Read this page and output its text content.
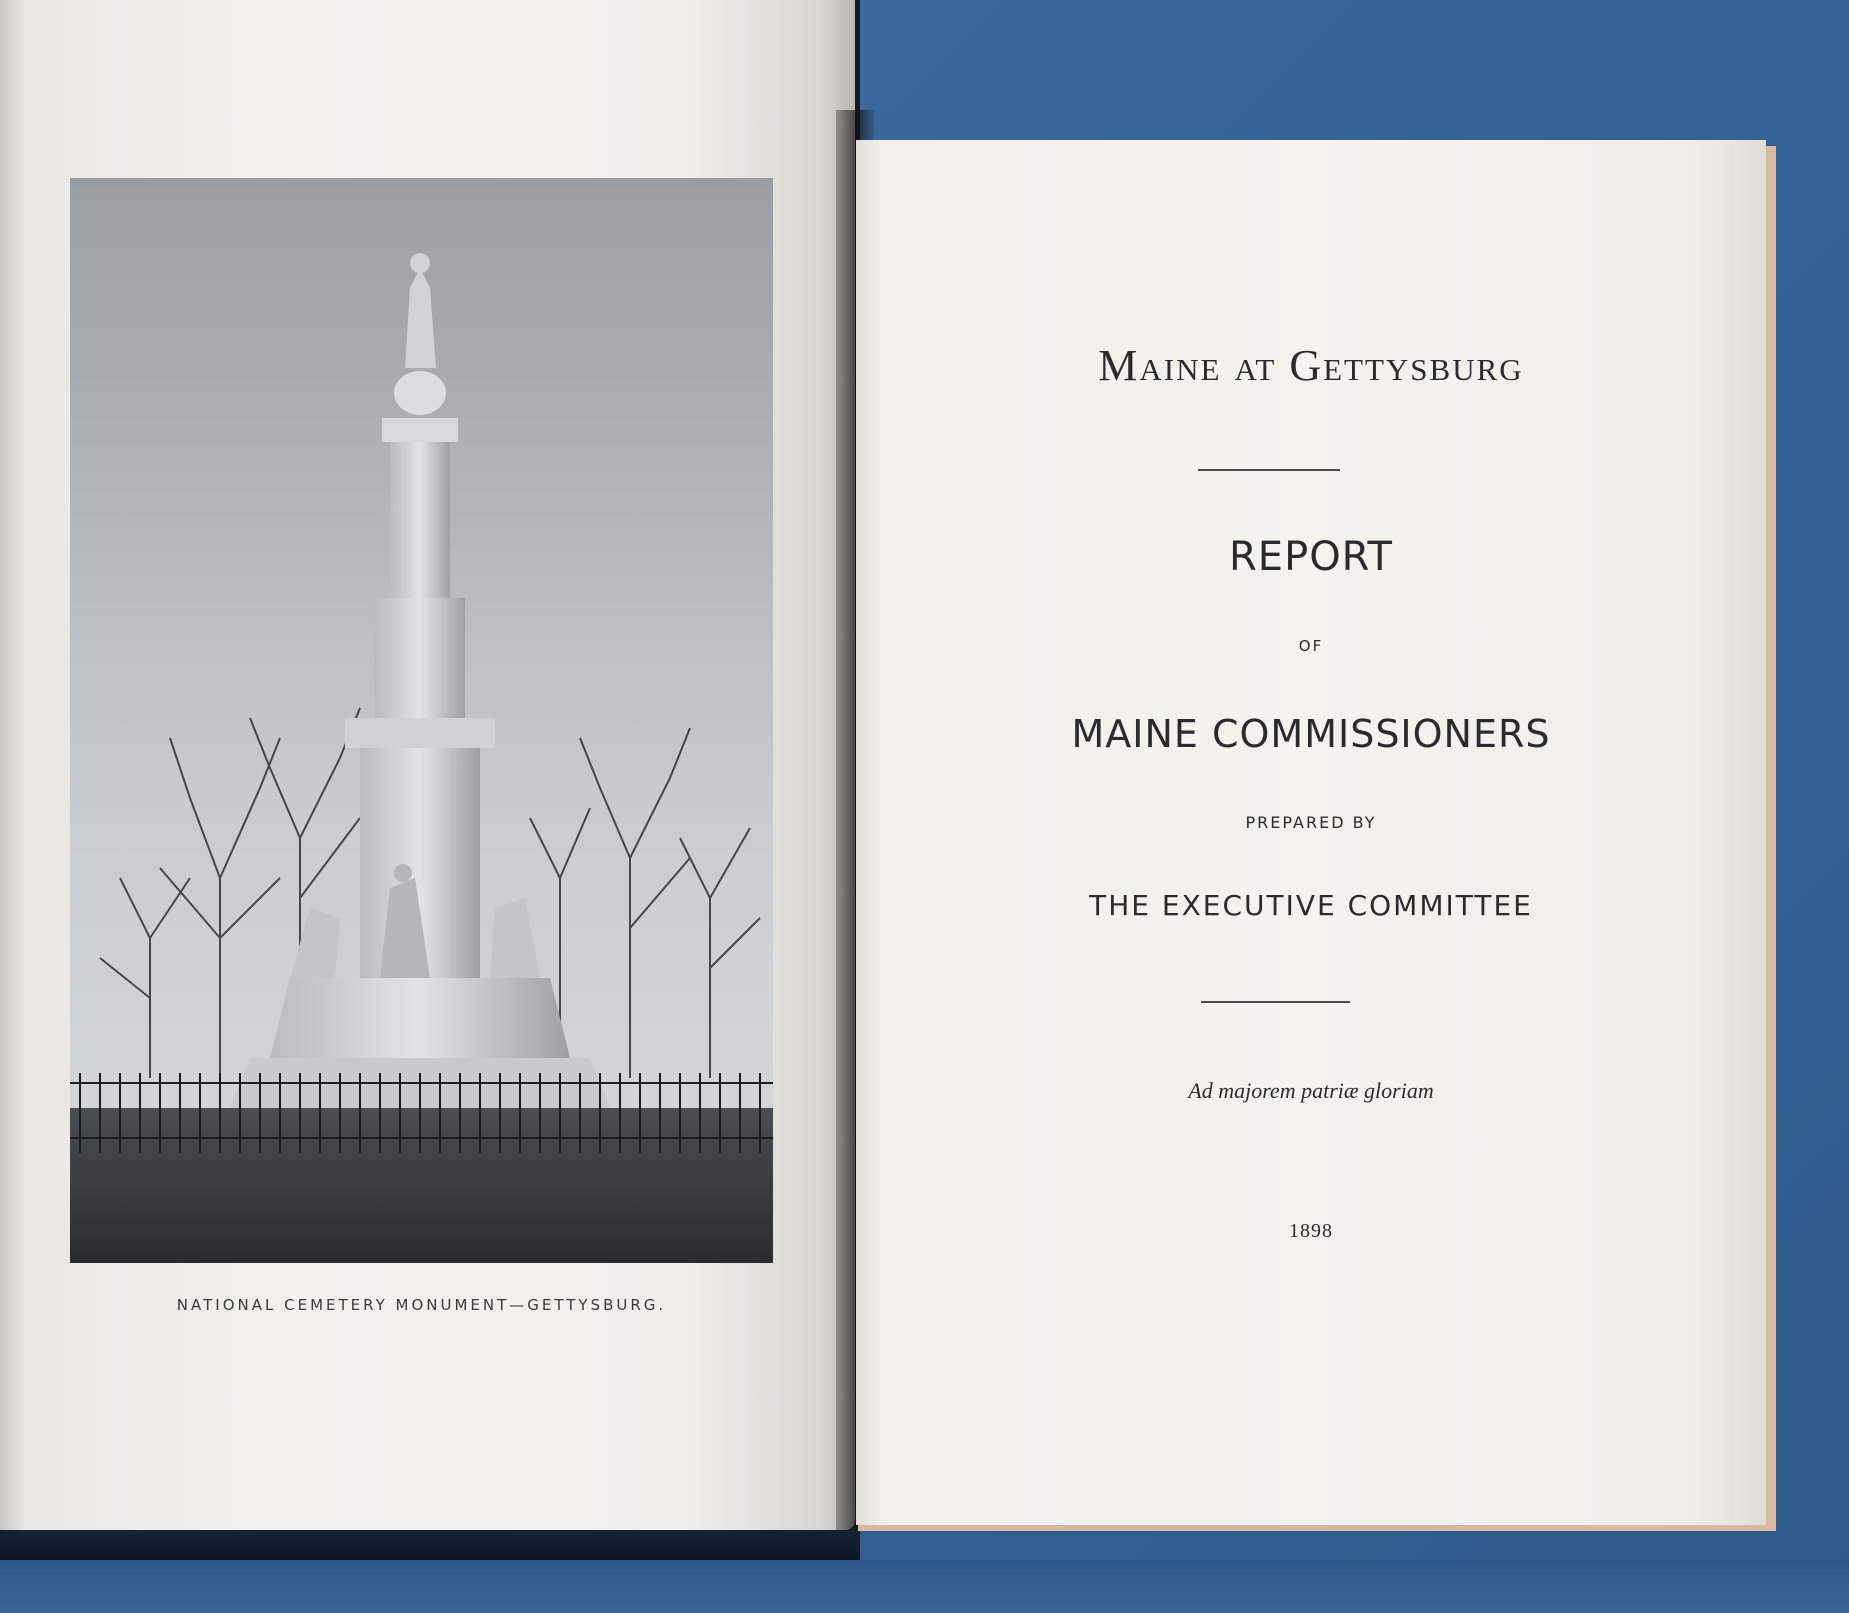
NATIONAL CEMETERY MONUMENT—GETTYSBURG.
Maine at Gettysburg
REPORT
OF
MAINE COMMISSIONERS
PREPARED BY
THE EXECUTIVE COMMITTEE
Ad majorem patriæ gloriam
1898
